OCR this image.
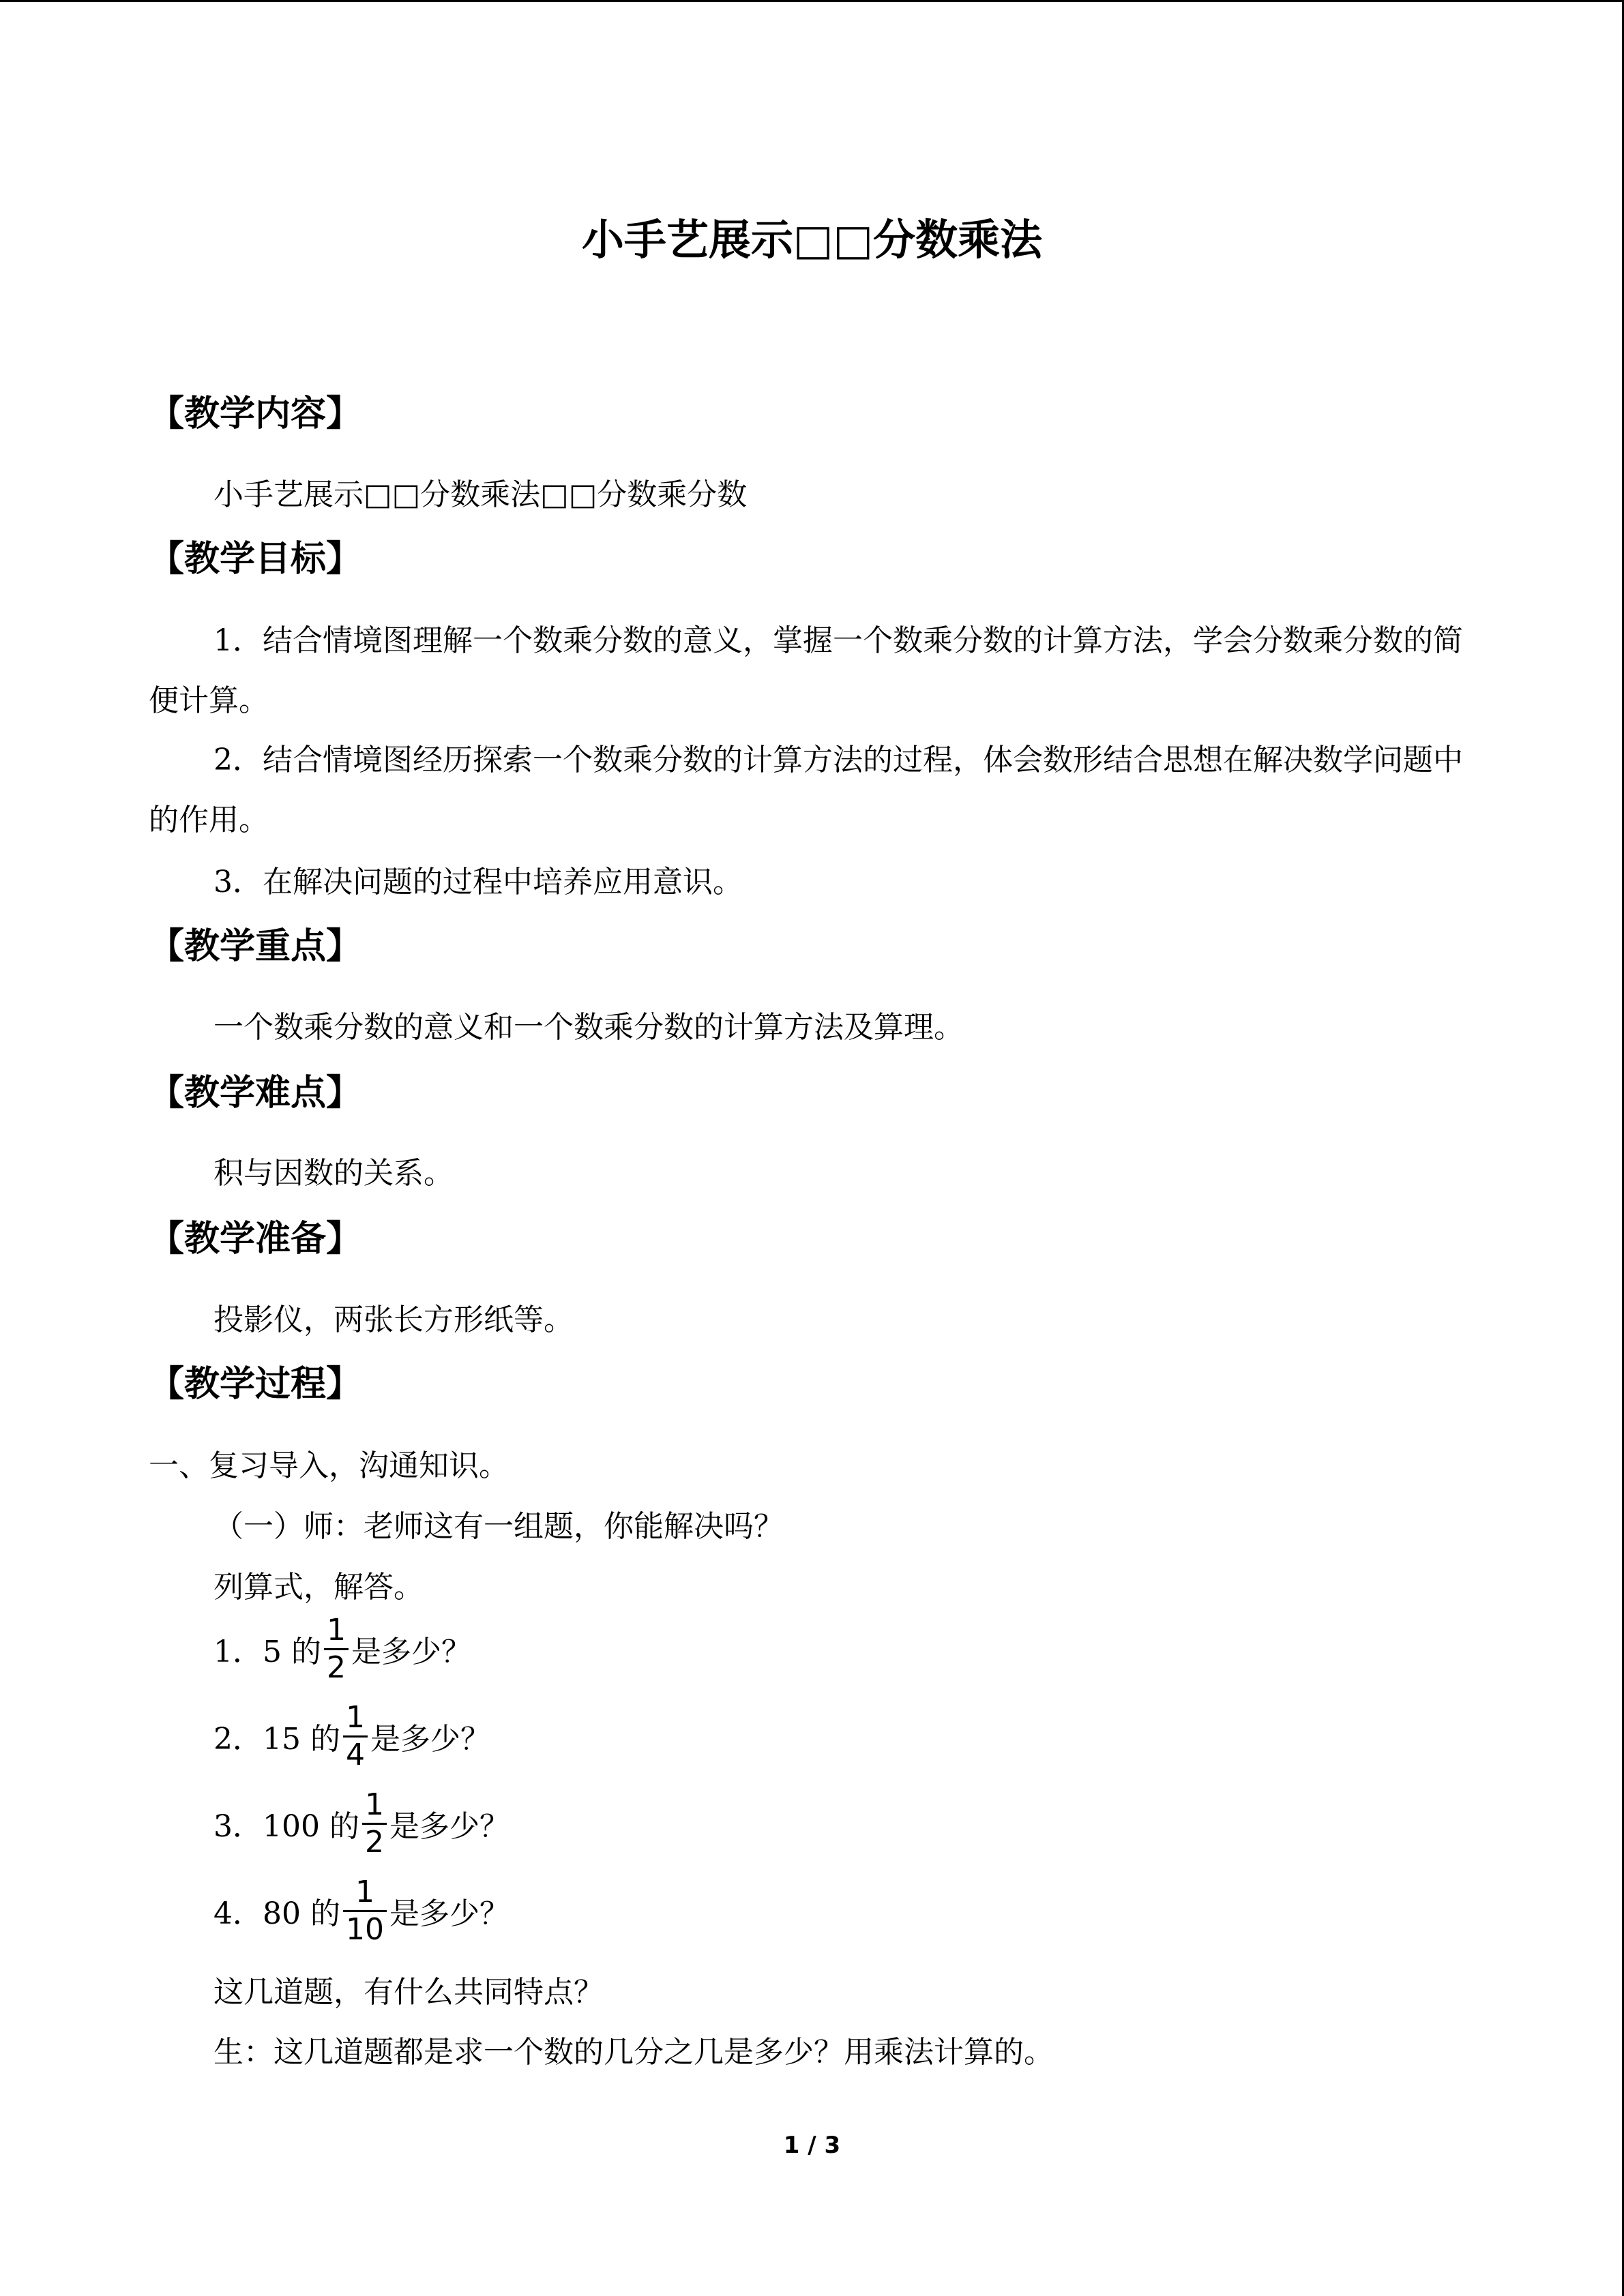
小手艺展示□□分数乘法
【教学内容】
小手艺展示□□分数乘法□□分数乘分数
【教学目标】
1．结合情境图理解一个数乘分数的意义，掌握一个数乘分数的计算方法，学会分数乘分数的简便计算。
2．结合情境图经历探索一个数乘分数的计算方法的过程，体会数形结合思想在解决数学问题中的作用。
3．在解决问题的过程中培养应用意识。
【教学重点】
一个数乘分数的意义和一个数乘分数的计算方法及算理。
【教学难点】
积与因数的关系。
【教学准备】
投影仪，两张长方形纸等。
【教学过程】
一、复习导入，沟通知识。
（一）师：老师这有一组题，你能解决吗？
列算式，解答。
1．5 的 $\frac{1}{2}$ 是多少？
2．15 的 $\frac{1}{4}$ 是多少？
3．100 的 $\frac{1}{2}$ 是多少？
4．80 的 $\frac{1}{10}$ 是多少？
这几道题，有什么共同特点？
生：这几道题都是求一个数的几分之几是多少？用乘法计算的。
1 / 3
